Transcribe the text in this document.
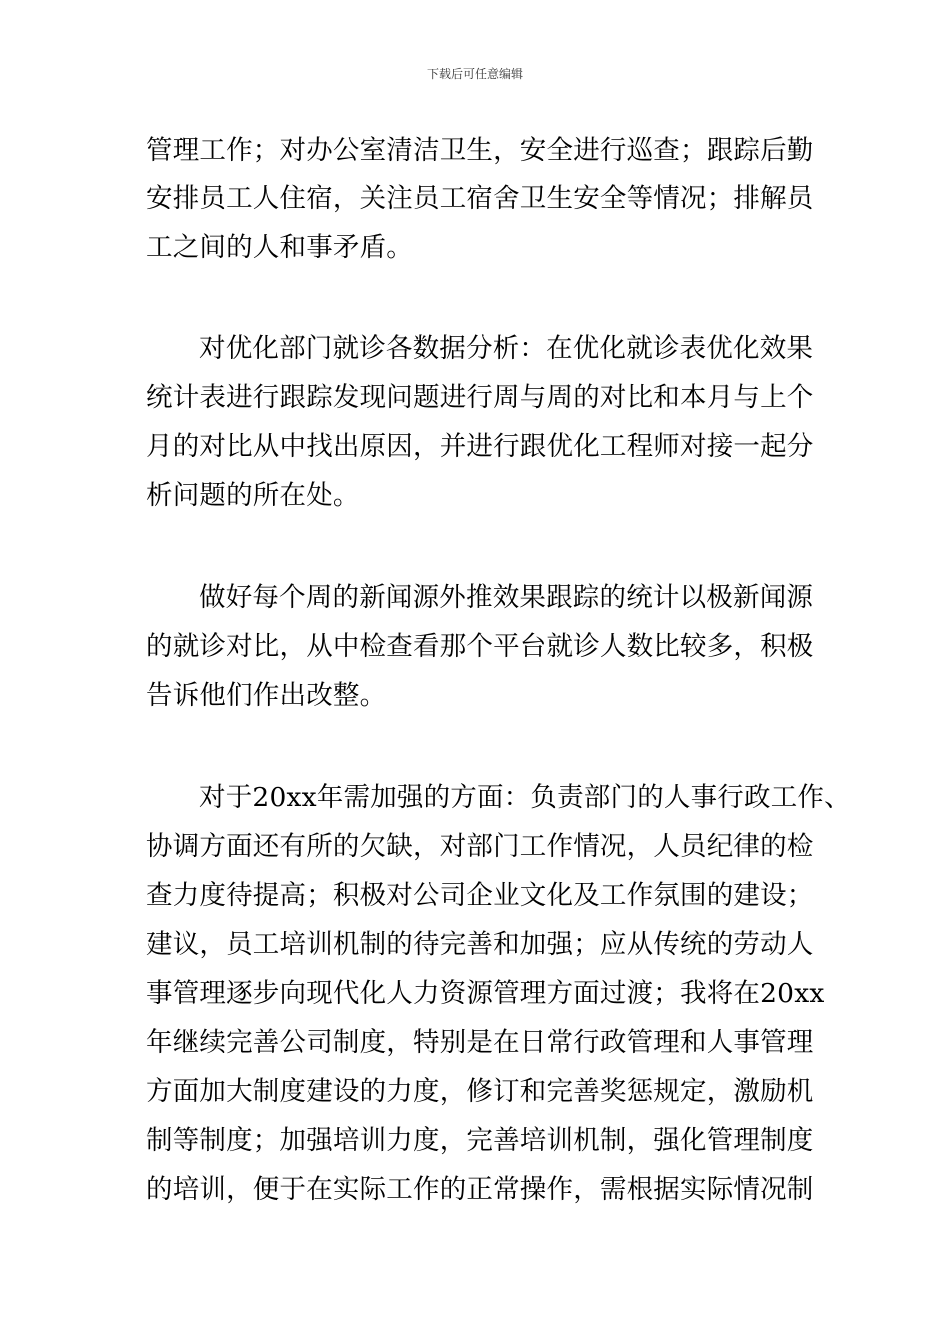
下载后可任意编辑
管理工作；对办公室清洁卫生，安全进行巡查；跟踪后勤
安排员工人住宿，关注员工宿舍卫生安全等情况；排解员
工之间的人和事矛盾。
对优化部门就诊各数据分析：在优化就诊表优化效果
统计表进行跟踪发现问题进行周与周的对比和本月与上个
月的对比从中找出原因，并进行跟优化工程师对接一起分
析问题的所在处。
做好每个周的新闻源外推效果跟踪的统计以极新闻源
的就诊对比，从中检查看那个平台就诊人数比较多，积极
告诉他们作出改整。
对于20xx年需加强的方面：负责部门的人事行政工作、
协调方面还有所的欠缺，对部门工作情况，人员纪律的检
查力度待提高；积极对公司企业文化及工作氛围的建设；
建议，员工培训机制的待完善和加强；应从传统的劳动人
事管理逐步向现代化人力资源管理方面过渡；我将在20xx
年继续完善公司制度，特别是在日常行政管理和人事管理
方面加大制度建设的力度，修订和完善奖惩规定，激励机
制等制度；加强培训力度，完善培训机制，强化管理制度
的培训，便于在实际工作的正常操作，需根据实际情况制
